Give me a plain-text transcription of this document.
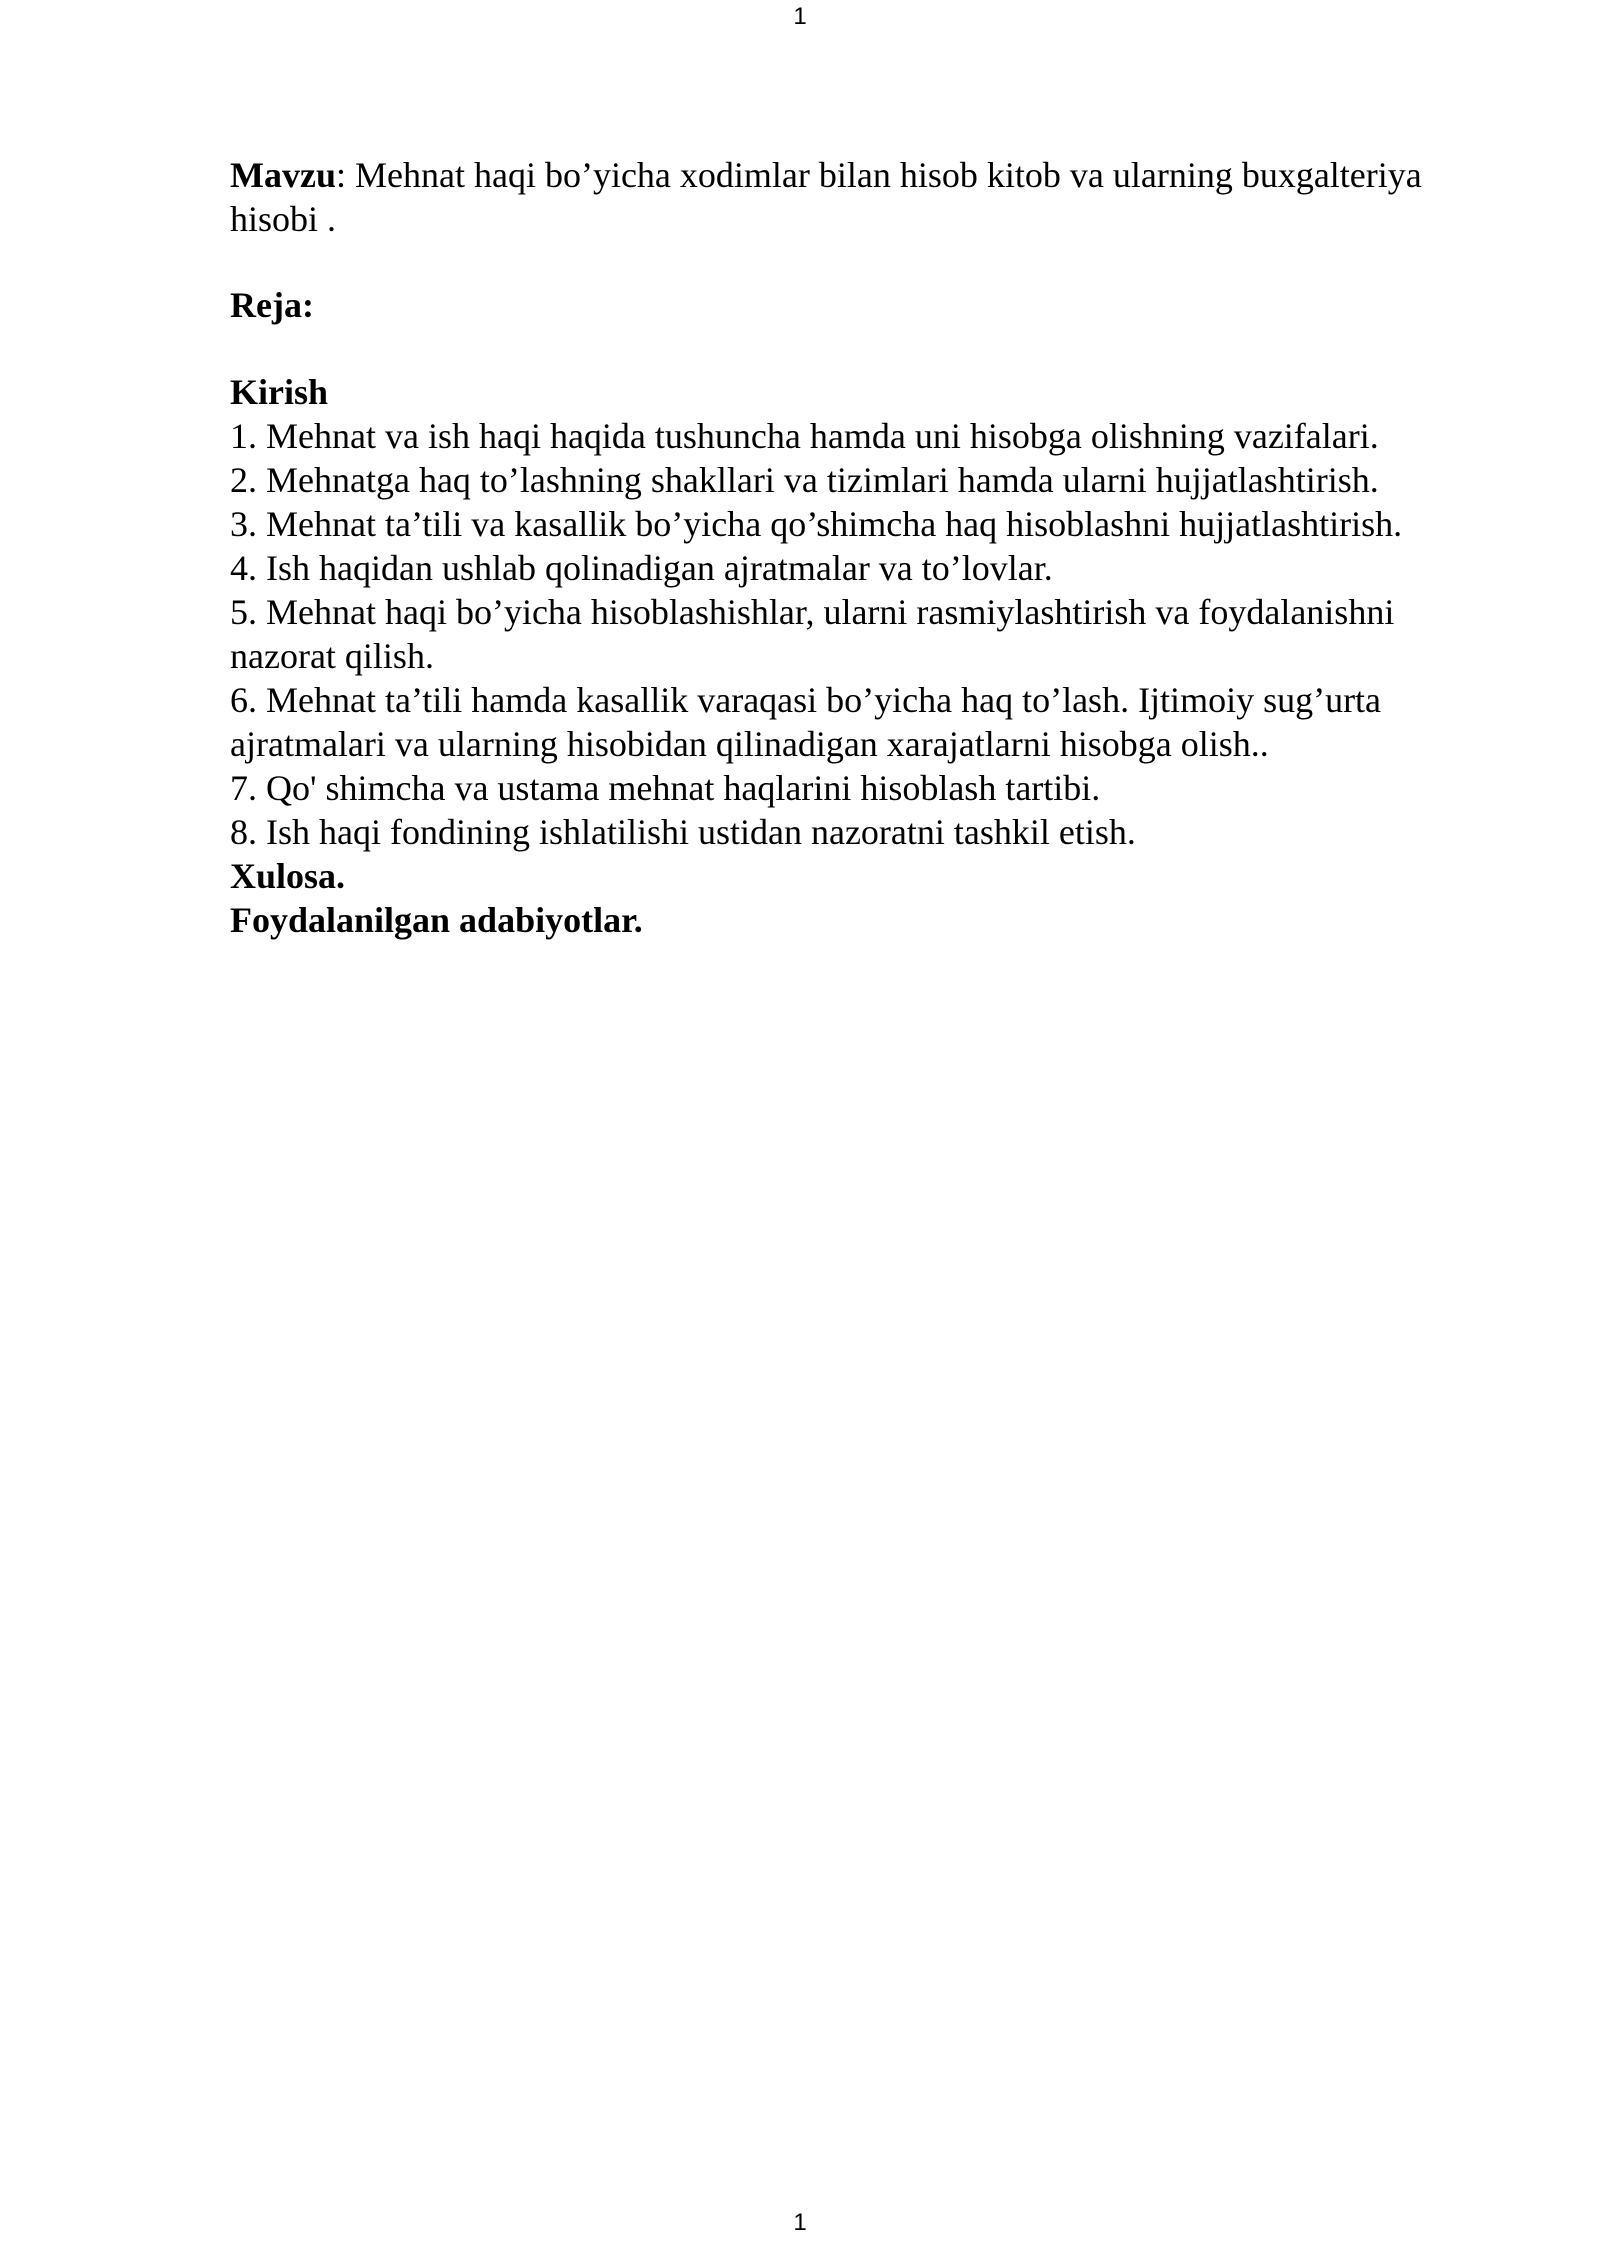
1

Mavzu: Mehnat haqi bo’yicha xodimlar bilan hisob kitob va ularning buxgalteriya hisobi .

Reja:

Kirish

1. Mehnat va ish haqi haqida tushuncha hamda uni hisobga olishning vazifalari.
2. Mehnatga haq to’lashning shakllari va tizimlari hamda ularni hujjatlashtirish.
3. Mehnat ta’tili va kasallik bo’yicha qo’shimcha haq hisoblashni hujjatlashtirish.
4. Ish haqidan ushlab qolinadigan ajratmalar va to’lovlar.
5. Mehnat haqi bo’yicha hisoblashishlar, ularni rasmiylashtirish va foydalanishni nazorat qilish.
6. Mehnat ta’tili hamda kasallik varaqasi bo’yicha haq to’lash. Ijtimoiy sug’urta ajratmalari va ularning hisobidan qilinadigan xarajatlarni hisobga olish..
7. Qo' shimcha va ustama mehnat haqlarini hisoblash tartibi.
8. Ish haqi fondining ishlatilishi ustidan nazoratni tashkil etish.

Xulosa.

Foydalanilgan adabiyotlar.

1
